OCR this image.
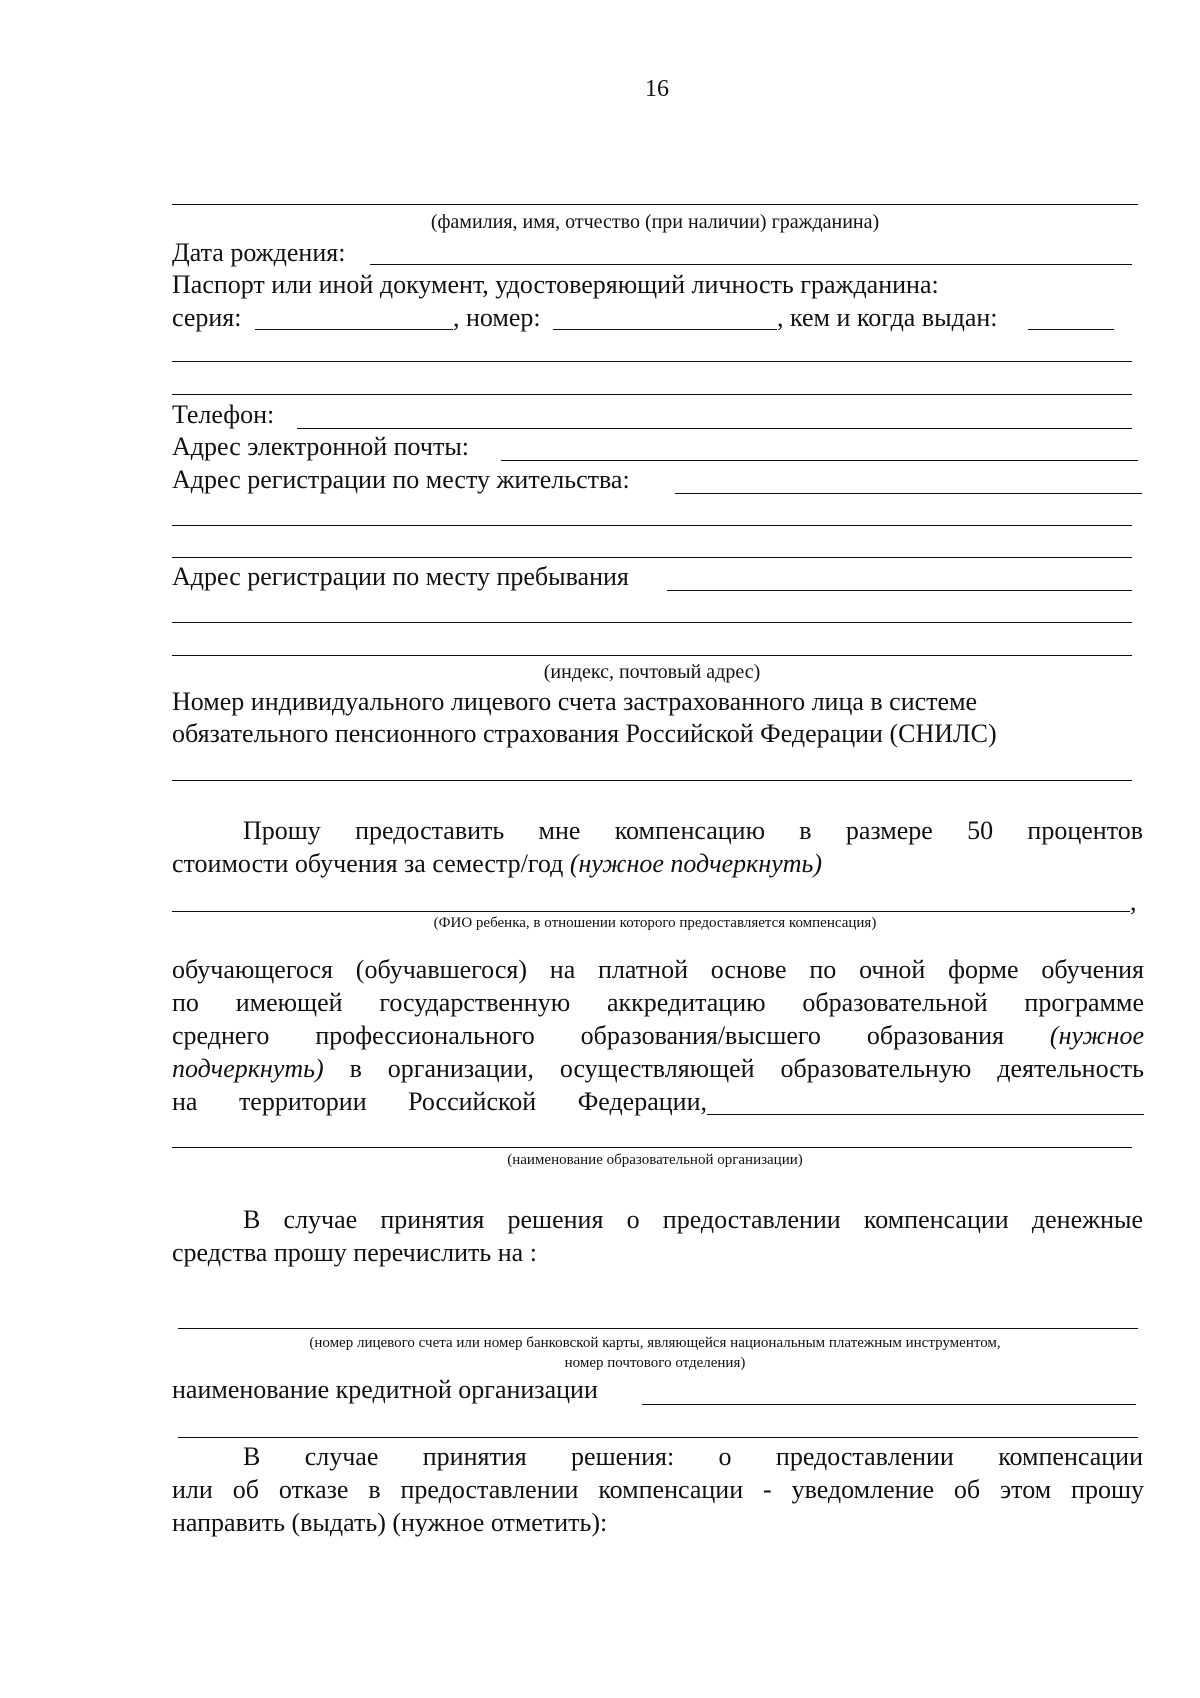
16
(фамилия, имя, отчество (при наличии) гражданина)
Дата рождения:
Паспорт или иной документ, удостоверяющий личность гражданина:
серия:	, номер:	, кем и когда выдан:
Телефон:
Адрес электронной почты:
Адрес регистрации по месту жительства:
Адрес регистрации по месту пребывания
(индекс, почтовый адрес)
Номер индивидуального лицевого счета застрахованного лица в системе
обязательного пенсионного страхования Российской Федерации (СНИЛС)
Прошу предоставить мне компенсацию в размере 50 процентов
стоимости обучения за семестр/год (нужное подчеркнуть)
,
(ФИО ребенка, в отношении которого предоставляется компенсация)
обучающегося (обучавшегося) на платной основе по очной форме обучения
по имеющей государственную аккредитацию образовательной программе
среднего профессионального образования/высшего образования (нужное
подчеркнуть) в организации, осуществляющей образовательную деятельность
на территории Российской Федерации,
(наименование образовательной организации)
В случае принятия решения о предоставлении компенсации денежные
средства прошу перечислить на :
(номер лицевого счета или номер банковской карты, являющейся национальным платежным инструментом,
номер почтового отделения)
наименование кредитной организации
В случае принятия решения: о предоставлении компенсации
или об отказе в предоставлении компенсации - уведомление об этом прошу
направить (выдать) (нужное отметить):
